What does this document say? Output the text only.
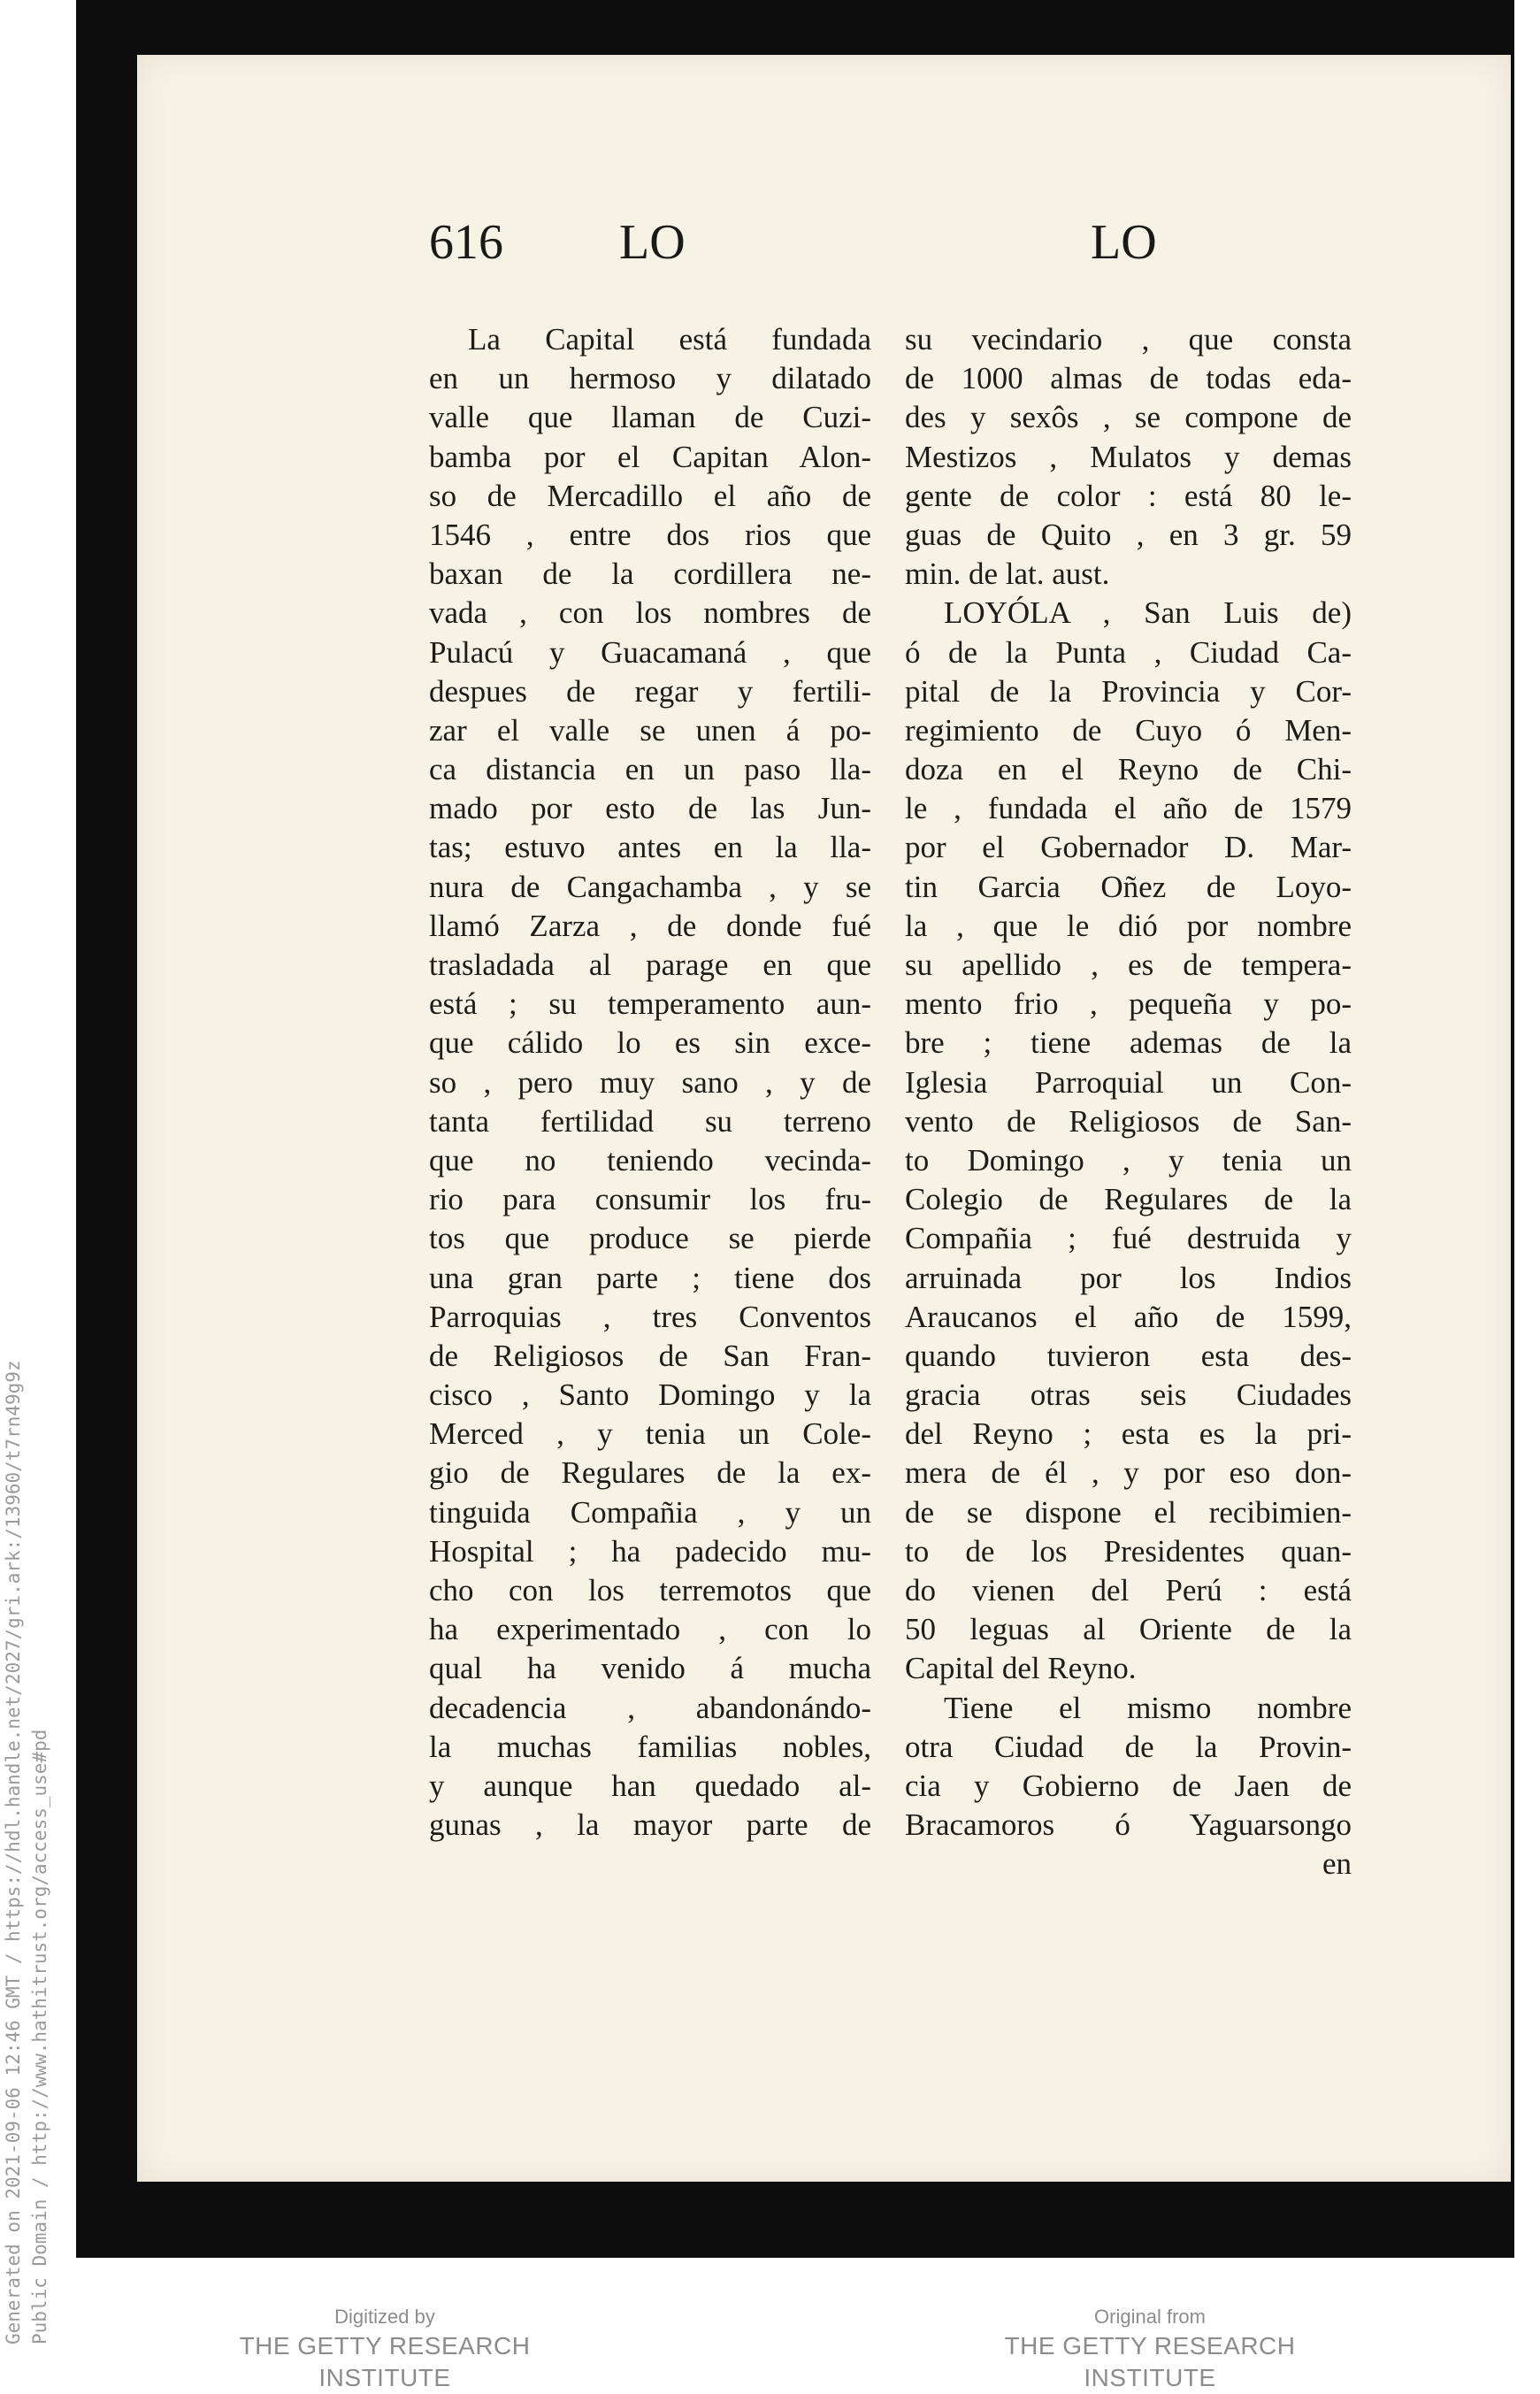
Generated on 2021-09-06 12:46 GMT / https://hdl.handle.net/2027/gri.ark:/13960/t7rn49g9z Public Domain / http://www.hathitrust.org/access_use#pd
616 LO	LO
La Capital está fundada
en un hermoso y dilatado
valle que llaman de Cuzi-
bamba por el Capitan Alon-
so de Mercadillo el año de
1546 , entre dos rios que
baxan de la cordillera ne-
vada , con los nombres de
Pulacú y Guacamaná , que
despues de regar y fertili-
zar el valle se unen á po-
ca distancia en un paso lla-
mado por esto de las Jun-
tas; estuvo antes en la lla-
nura de Cangachamba , y se
llamó Zarza , de donde fué
trasladada al parage en que
está ; su temperamento aun-
que cálido lo es sin exce-
so , pero muy sano , y de
tanta fertilidad su terreno
que no teniendo vecinda-
rio para consumir los fru-
tos que produce se pierde
una gran parte ; tiene dos
Parroquias , tres Conventos
de Religiosos de San Fran-
cisco , Santo Domingo y la
Merced , y tenia un Cole-
gio de Regulares de la ex-
tinguida Compañia , y un
Hospital ; ha padecido mu-
cho con los terremotos que
ha experimentado , con lo
qual ha venido á mucha
decadencia , abandonándo-
la muchas familias nobles,
y aunque han quedado al-
gunas , la mayor parte de
su vecindario , que consta
de 1000 almas de todas eda-
des y sexôs , se compone de
Mestizos , Mulatos y demas
gente de color : está 80 le-
guas de Quito , en 3 gr. 59
min. de lat. aust.
LOYÓLA , San Luis de)
ó de la Punta , Ciudad Ca-
pital de la Provincia y Cor-
regimiento de Cuyo ó Men-
doza en el Reyno de Chi-
le , fundada el año de 1579
por el Gobernador D. Mar-
tin Garcia Oñez de Loyo-
la , que le dió por nombre
su apellido , es de tempera-
mento frio , pequeña y po-
bre ; tiene ademas de la
Iglesia Parroquial un Con-
vento de Religiosos de San-
to Domingo , y tenia un
Colegio de Regulares de la
Compañia ; fué destruida y
arruinada por los Indios
Araucanos el año de 1599,
quando tuvieron esta des-
gracia otras seis Ciudades
del Reyno ; esta es la pri-
mera de él , y por eso don-
de se dispone el recibimien-
to de los Presidentes quan-
do vienen del Perú : está
50 leguas al Oriente de la
Capital del Reyno.
Tiene el mismo nombre
otra Ciudad de la Provin-
cia y Gobierno de Jaen de
Bracamoros ó Yaguarsongo
en
Digitized by
THE GETTY RESEARCH INSTITUTE
Original from
THE GETTY RESEARCH INSTITUTE
